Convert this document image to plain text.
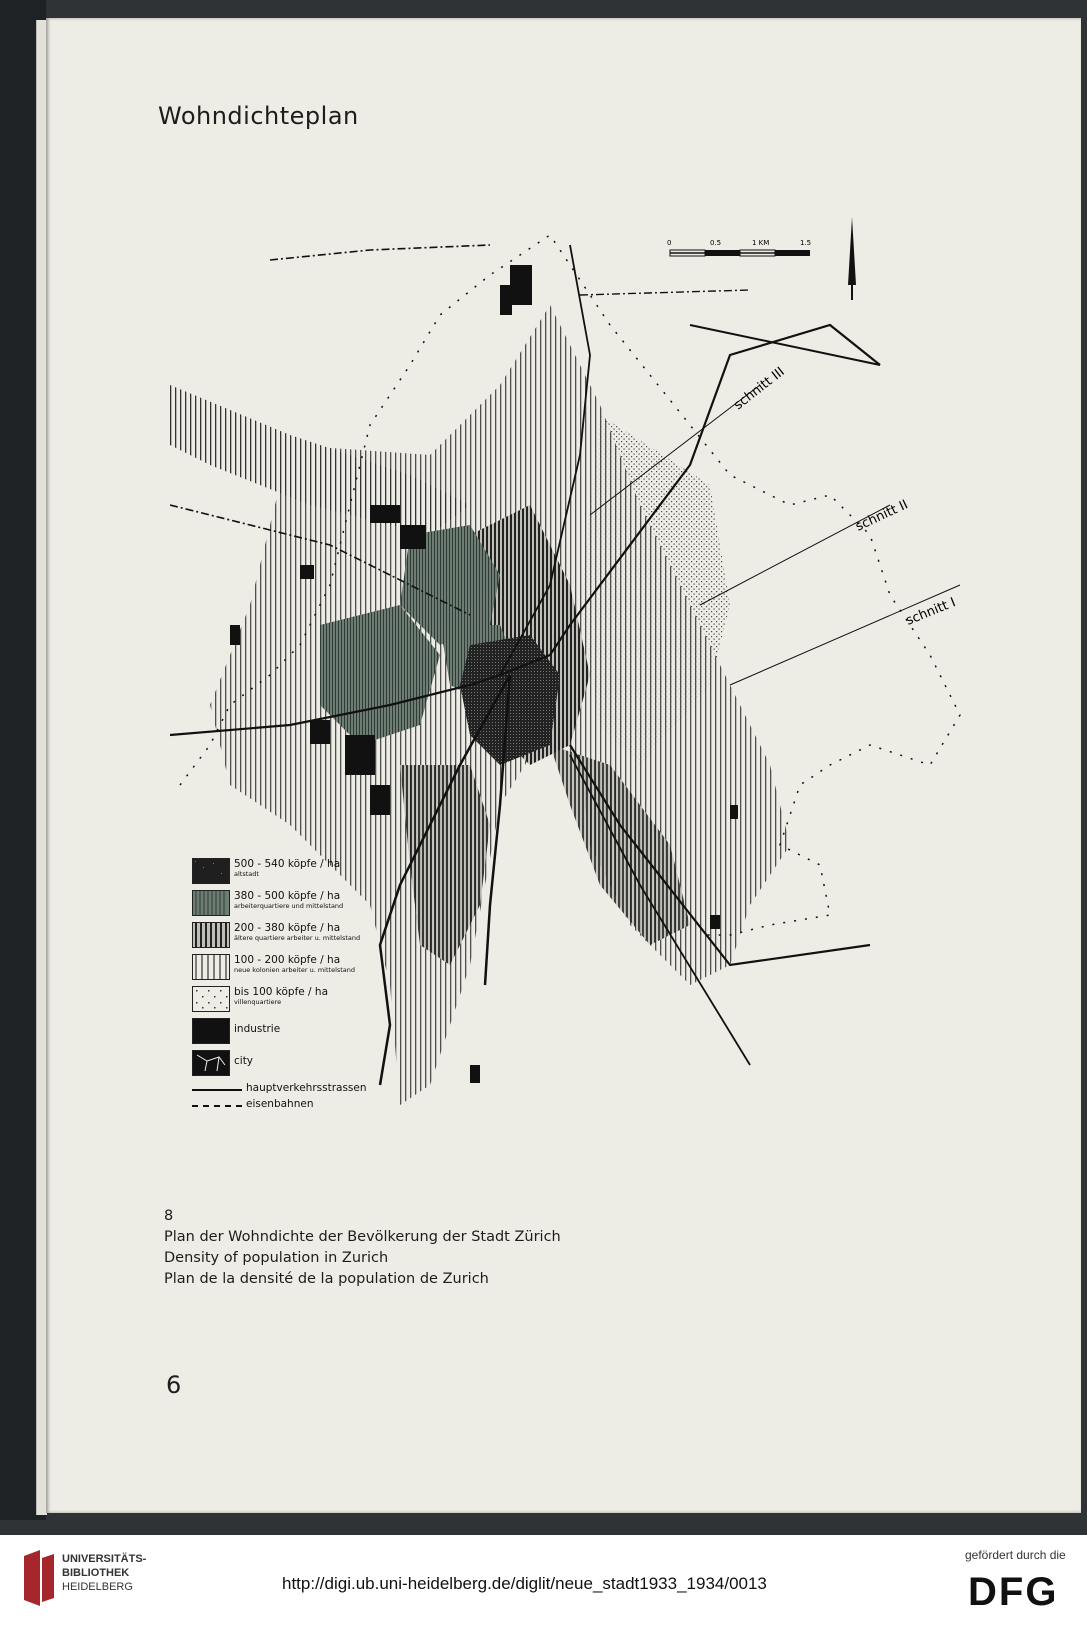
Wohndichteplan
schnitt III
schnitt II
schnitt I
0	0.5	1 KM	1.5
500 - 540 köpfe / ha
altstadt
380 - 500 köpfe / ha
arbeiterquartiere und mittelstand
200 - 380 köpfe / ha
ältere quartiere arbeiter u. mittelstand
100 - 200 köpfe / ha
neue kolonien arbeiter u. mittelstand
bis 100 köpfe / ha
villenquartiere
industrie
city
hauptverkehrsstrassen
eisenbahnen
8
Plan der Wohndichte der Bevölkerung der Stadt Zürich
Density of population in Zurich
Plan de la densité de la population de Zurich
6
UNIVERSITÄTS-
BIBLIOTHEK
HEIDELBERG	http://digi.ub.uni-heidelberg.de/diglit/neue_stadt1933_1934/0013
gefördert durch die
DFG
